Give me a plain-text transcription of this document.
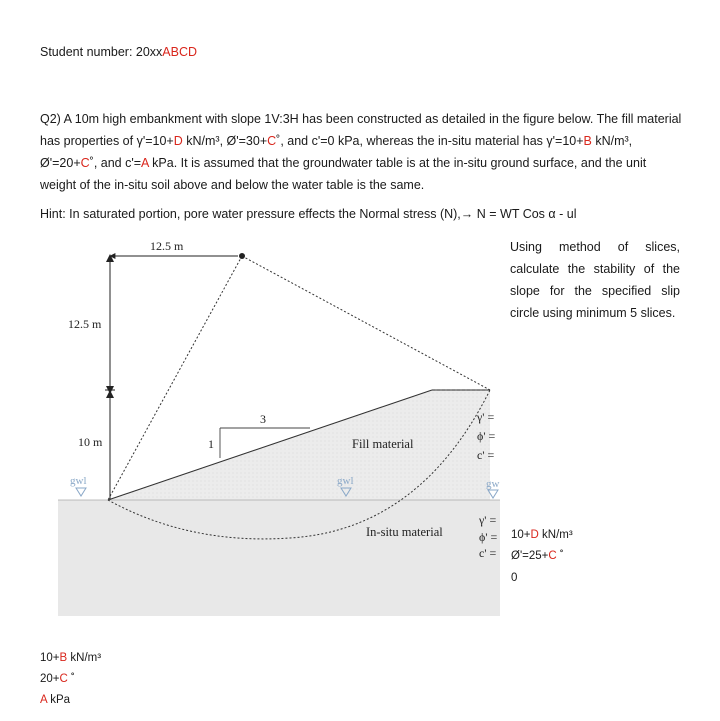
Student number: 20xxABCD
Q2) A 10m high embankment with slope 1V:3H has been constructed as detailed in the figure below. The fill material has properties of γ'=10+D kN/m³, Ø'=30+C˚, and c'=0 kPa, whereas the in-situ material has γ'=10+B kN/m³, Ø'=20+C˚, and c'=A kPa. It is assumed that the groundwater table is at the in-situ ground surface, and the unit weight of the in-situ soil above and below the water table is the same.
Hint: In saturated portion, pore water pressure effects the Normal stress (N),→ N = WT Cos α - ul
Using method of slices,
calculate the stability of the
slope for the specified slip
circle using minimum 5 slices.
12.5 m
12.5 m
10 m
3
1	Fill material
In-situ material
gwl	gwl	gw
γ' =
ϕ' =
c' =
γ' =
ϕ' =
c' =
10+D kN/m³
Ø'=25+C ˚
0
10+B kN/m³
20+C ˚
A kPa
